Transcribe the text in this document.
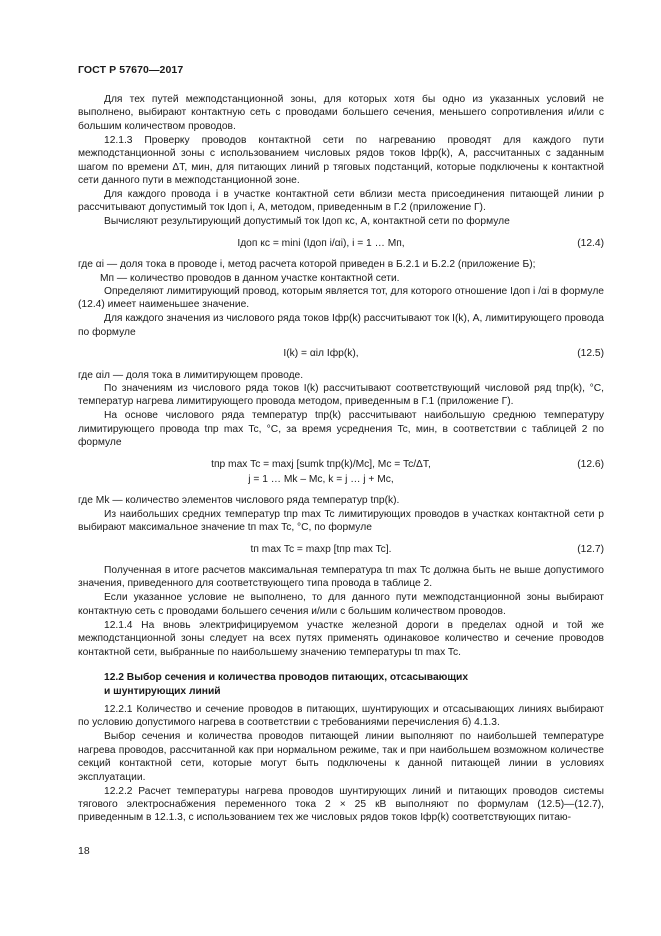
ГОСТ Р 57670—2017

Для тех путей межподстанционной зоны, для которых хотя бы одно из указанных условий не выполнено, выбирают контактную сеть с проводами большего сечения, меньшего сопротивления и/или с большим количеством проводов.

12.1.3 Проверку проводов контактной сети по нагреванию проводят для каждого пути межподстанционной зоны с использованием числовых рядов токов Iфр(k), А, рассчитанных с заданным шагом по времени ΔT, мин, для питающих линий р тяговых подстанций, которые подключены к контактной сети данного пути в межподстанционной зоне.

Для каждого провода i в участке контактной сети вблизи места присоединения питающей линии р рассчитывают допустимый ток Iдоп i, А, методом, приведенным в Г.2 (приложение Г).

Вычисляют результирующий допустимый ток Iдоп кс, А, контактной сети по формуле

Iдоп кс = mini (Iдоп i/αi), i = 1 … Mп,	(12.4)

где αi — доля тока в проводе i, метод расчета которой приведен в Б.2.1 и Б.2.2 (приложение Б);

Mп — количество проводов в данном участке контактной сети.

Определяют лимитирующий провод, которым является тот, для которого отношение Iдоп i /αi в формуле (12.4) имеет наименьшее значение.

Для каждого значения из числового ряда токов Iфр(k) рассчитывают ток I(k), А, лимитирующего провода по формуле

I(k) = αiл Iфр(k),	(12.5)

где αiл — доля тока в лимитирующем проводе.

По значениям из числового ряда токов I(k) рассчитывают соответствующий числовой ряд tпр(k), °С, температур нагрева лимитирующего провода методом, приведенным в Г.1 (приложение Г).

На основе числового ряда температур tпр(k) рассчитывают наибольшую среднюю температуру лимитирующего провода tпр max Tc, °С, за время усреднения Tc, мин, в соответствии с таблицей 2 по формуле

tпр max Tc = maxj [sumk tпр(k)/Mc], Mc = Tc/ΔT,	(12.6)
j = 1 … Mk – Mc, k = j … j + Mc,

где Mk — количество элементов числового ряда температур tпр(k).

Из наибольших средних температур tпр max Tc лимитирующих проводов в участках контактной сети р выбирают максимальное значение tп max Tc, °С, по формуле

tп max Tc = maxp [tпр max Tc].	(12.7)

Полученная в итоге расчетов максимальная температура tп max Tc должна быть не выше допустимого значения, приведенного для соответствующего типа провода в таблице 2.

Если указанное условие не выполнено, то для данного пути межподстанционной зоны выбирают контактную сеть с проводами большего сечения и/или с большим количеством проводов.

12.1.4 На вновь электрифицируемом участке железной дороги в пределах одной и той же межподстанционной зоны следует на всех путях применять одинаковое количество и сечение проводов контактной сети, выбранные по наибольшему значению температуры tп max Tc.

12.2 Выбор сечения и количества проводов питающих, отсасывающих
и шунтирующих линий

12.2.1 Количество и сечение проводов в питающих, шунтирующих и отсасывающих линиях выбирают по условию допустимого нагрева в соответствии с требованиями перечисления б) 4.1.3.

Выбор сечения и количества проводов питающей линии выполняют по наибольшей температуре нагрева проводов, рассчитанной как при нормальном режиме, так и при наибольшем возможном количестве секций контактной сети, которые могут быть подключены к данной питающей линии в условиях эксплуатации.

12.2.2 Расчет температуры нагрева проводов шунтирующих линий и питающих проводов системы тягового электроснабжения переменного тока 2 × 25 кВ выполняют по формулам (12.5)—(12.7), приведенным в 12.1.3, с использованием тех же числовых рядов токов Iфр(k) соответствующих питаю-

18
